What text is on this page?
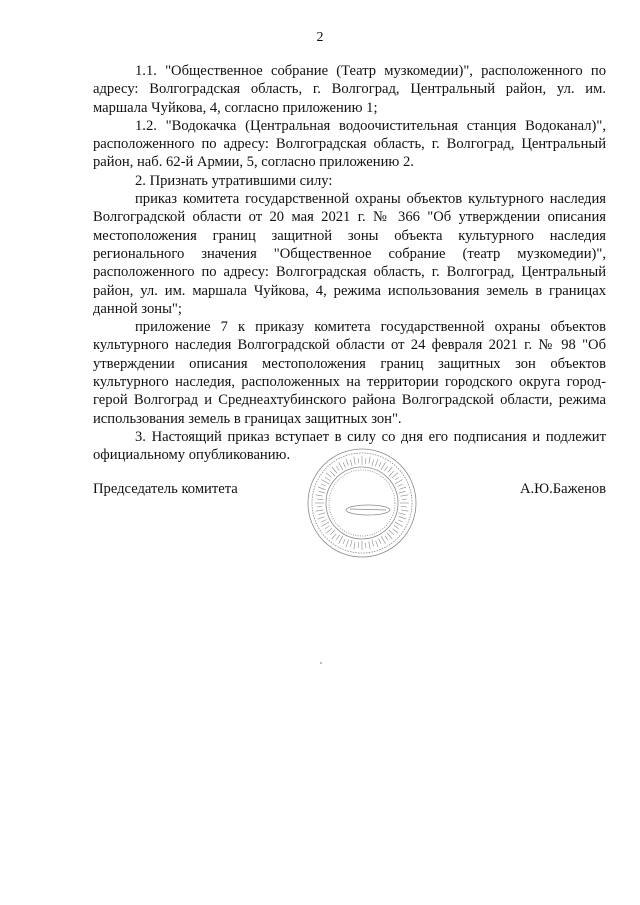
2

1.1. "Общественное собрание (Театр музкомедии)", расположенного по адресу: Волгоградская область, г. Волгоград, Центральный район, ул. им. маршала Чуйкова, 4, согласно приложению 1;

1.2. "Водокачка (Центральная водоочистительная станция Водоканал)", расположенного по адресу: Волгоградская область, г. Волгоград, Центральный район, наб. 62-й Армии, 5, согласно приложению 2.

2. Признать утратившими силу:

приказ комитета государственной охраны объектов культурного наследия Волгоградской области от 20 мая 2021 г. № 366 "Об утверждении описания местоположения границ защитной зоны объекта культурного наследия регионального значения "Общественное собрание (театр музкомедии)", расположенного по адресу: Волгоградская область, г. Волгоград, Центральный район, ул. им. маршала Чуйкова, 4, режима использования земель в границах данной зоны";

приложение 7 к приказу комитета государственной охраны объектов культурного наследия Волгоградской области от 24 февраля 2021 г. № 98 "Об утверждении описания местоположения границ защитных зон объектов культурного наследия, расположенных на территории городского округа город-герой Волгоград и Среднеахтубинского района Волгоградской области, режима использования земель в границах защитных зон".

3. Настоящий приказ вступает в силу со дня его подписания и подлежит официальному опубликованию.

Председатель комитета	А.Ю.Баженов
